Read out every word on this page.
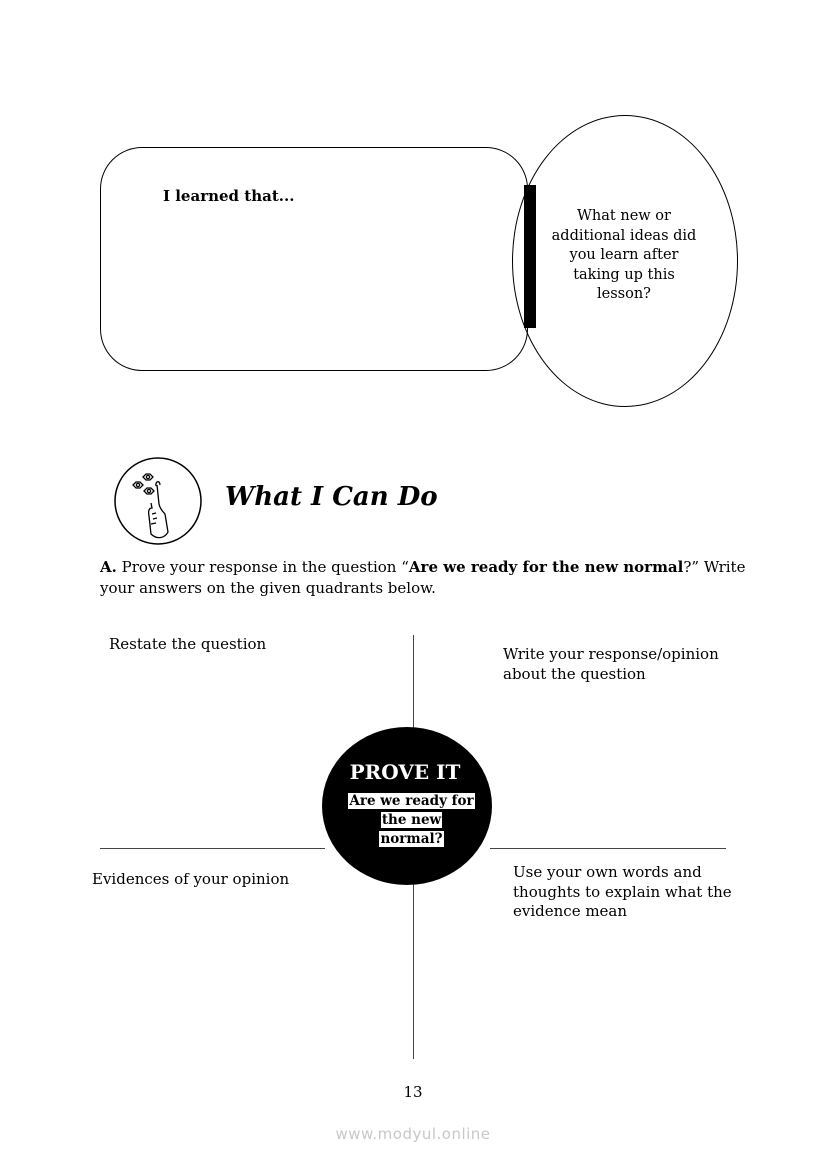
I learned that...
What new or additional ideas did you learn after taking up this lesson?
What I Can Do
A. Prove your response in the question “Are we ready for the new normal?” Write
your answers on the given quadrants below.
Restate the question
Write your response/opinion about the question
Evidences of your opinion	Use your own words and thoughts to explain what the evidence mean
PROVE IT
Are we ready for
the new
normal?
13
www.modyul.online
